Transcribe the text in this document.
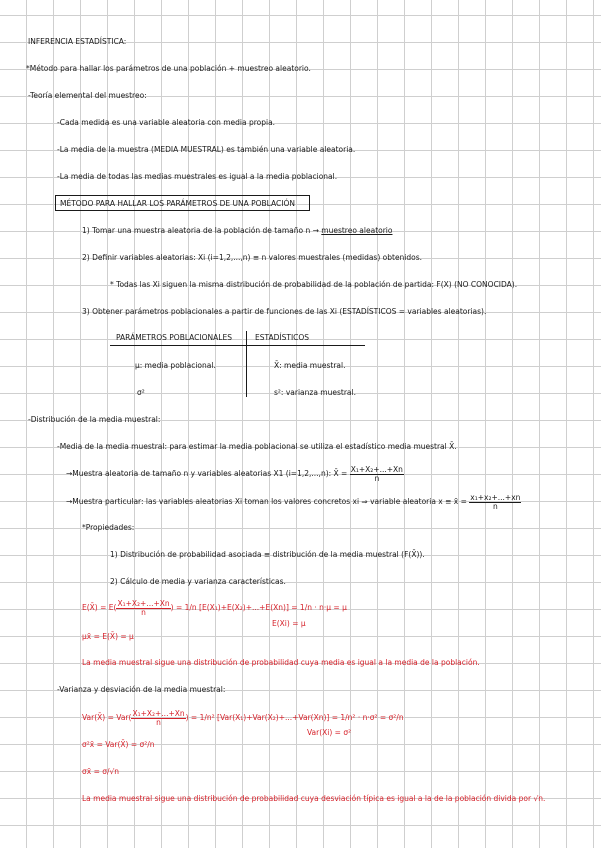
INFERENCIA ESTADÍSTICA:
*Método para hallar los parámetros de una población + muestreo aleatorio.
-Teoría elemental del muestreo:
-Cada medida es una variable aleatoria con media propia.
-La media de la muestra (MEDIA MUESTRAL) es también una variable aleatoria.
-La media de todas las medias muestrales es igual a la media poblacional.
MÉTODO PARA HALLAR LOS PARÁMETROS DE UNA POBLACIÓN
1) Tomar una muestra aleatoria de la población de tamaño n → muestreo aleatorio
2) Definir variables aleatorias: Xi (i=1,2,...,n) ≡ n valores muestrales (medidas) obtenidos.
* Todas las Xi siguen la misma distribución de probabilidad de la población de partida: F(X) (NO CONOCIDA).
3) Obtener parámetros poblacionales a partir de funciones de las Xi (ESTADÍSTICOS = variables aleatorias).
PARÁMETROS POBLACIONALES	ESTADÍSTICOS
μ: media poblacional.	X̄: media muestral.
σ²	s²: varianza muestral.
-Distribución de la media muestral:
-Media de la media muestral: para estimar la media poblacional se utiliza el estadístico media muestral X̄.
→Muestra aleatoria de tamaño n y variables aleatorias X1 (i=1,2,...,n): X̄ = $\frac{\text{X₁+X₂+...+Xn}}{n}$
→Muestra particular: las variables aleatorias Xi toman los valores concretos xi ⇒ variable aleatoria x ≡ x̄ = $\frac{\text{x₁+x₂+...+xn}}{n}$
*Propiedades:
1) Distribución de probabilidad asociada ≡ distribución de la media muestral (F(X̄)).
2) Cálculo de media y varianza características.
E(X̄) = $E( \frac{\text{X₁+X₂+...+Xn}}{n}$ ) = 1/n [E(X₁)+E(X₂)+...+E(Xn)] = 1/n · n·μ = μ
E(Xi) = μ
μx̄ = E(X̄) = μ
La media muestral sigue una distribución de probabilidad cuya media es igual a la media de la población.
-Varianza y desviación de la media muestral:
Var(X̄) = $Var( \frac{\text{X₁+X₂+...+Xn}}{n}$ ) = 1/n² [Var(X₁)+Var(X₂)+...+Var(Xn)] = 1/n² · n·σ² = σ²/n
Var(Xi) = σ²
σ²x̄ = Var(X̄) = σ²/n
σx̄ = σ/√n
La media muestral sigue una distribución de probabilidad cuya desviación típica es igual a la de la población divida por √n.
